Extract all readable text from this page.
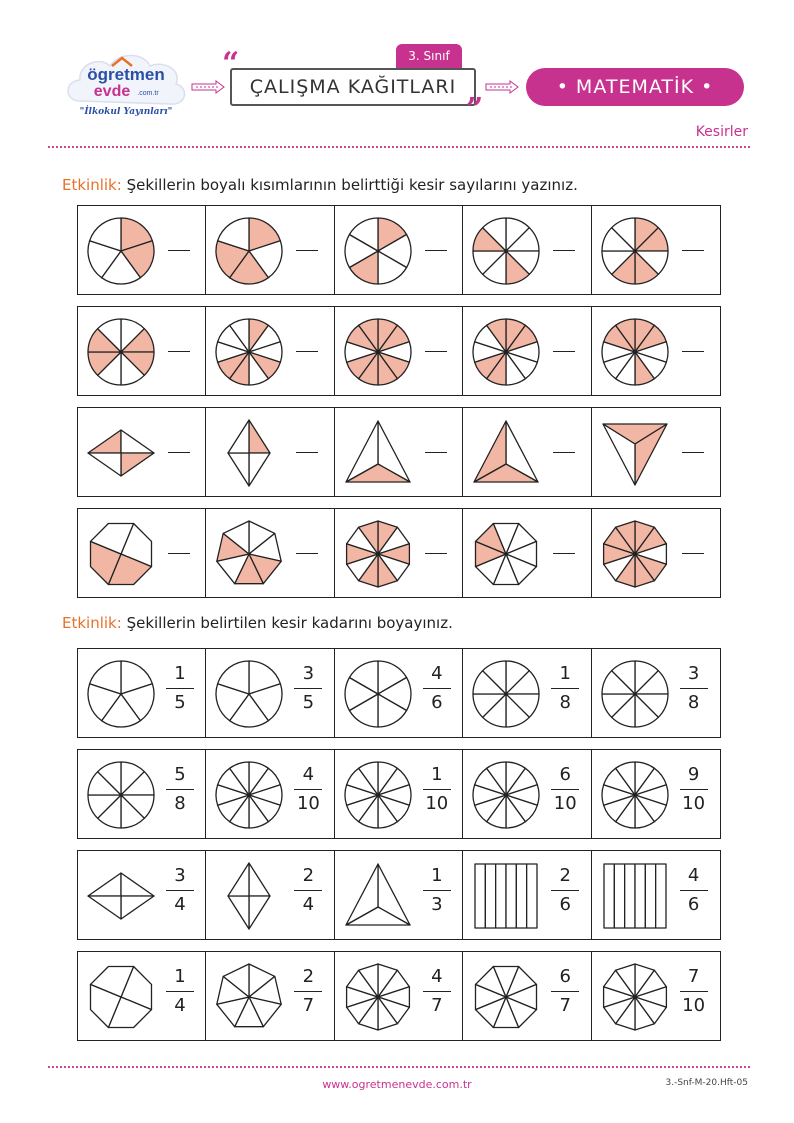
ögretmen
evde .com.tr
"İlkokul Yayınları"
3. Sınıf
“
ÇALIŞMA KAĞITLARI
”
• MATEMATİK •
Kesirler
Etkinlik: Şekillerin boyalı kısımlarının belirttiği kesir sayılarını yazınız.
Etkinlik: Şekillerin belirtilen kesir kadarını boyayınız.
1
5
3
5
4
6
1
8
3
8
5
8
4
10
1
10
6
10
9
10
3
4
2
4
1
3
2
6
4
6
1
4
2
7
4
7
6
7
7
10
www.ogretmenevde.com.tr	3.-Snf-M-20.Hft-05
